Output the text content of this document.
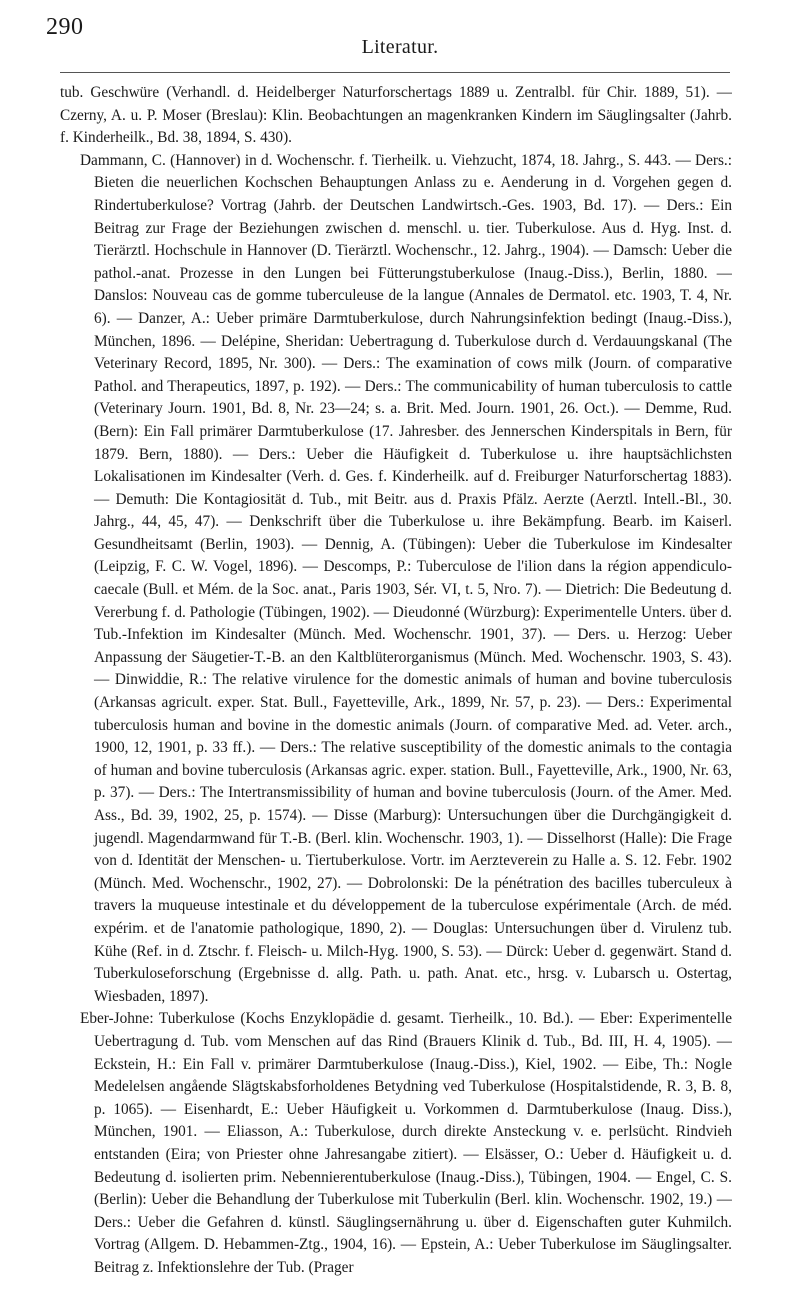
290
Literatur.

tub. Geschwüre (Verhandl. d. Heidelberger Naturforschertags 1889 u. Zentralbl. für Chir. 1889, 51). — Czerny, A. u. P. Moser (Breslau): Klin. Beobachtungen an magenkranken Kindern im Säuglingsalter (Jahrb. f. Kinderheilk., Bd. 38, 1894, S. 430).

Dammann, C. (Hannover) in d. Wochenschr. f. Tierheilk. u. Viehzucht, 1874, 18. Jahrg., S. 443. — Ders.: Bieten die neuerlichen Kochschen Behauptungen Anlass zu e. Aenderung in d. Vorgehen gegen d. Rindertuberkulose? Vortrag (Jahrb. der Deutschen Landwirtsch.-Ges. 1903, Bd. 17). — Ders.: Ein Beitrag zur Frage der Beziehungen zwischen d. menschl. u. tier. Tuberkulose. Aus d. Hyg. Inst. d. Tierärztl. Hochschule in Hannover (D. Tierärztl. Wochenschr., 12. Jahrg., 1904). — Damsch: Ueber die pathol.-anat. Prozesse in den Lungen bei Fütterungstuberkulose (Inaug.-Diss.), Berlin, 1880. — Danslos: Nouveau cas de gomme tuberculeuse de la langue (Annales de Dermatol. etc. 1903, T. 4, Nr. 6). — Danzer, A.: Ueber primäre Darmtuberkulose, durch Nahrungsinfektion bedingt (Inaug.-Diss.), München, 1896. — Delépine, Sheridan: Uebertragung d. Tuberkulose durch d. Verdauungskanal (The Veterinary Record, 1895, Nr. 300). — Ders.: The examination of cows milk (Journ. of comparative Pathol. and Therapeutics, 1897, p. 192). — Ders.: The communicability of human tuberculosis to cattle (Veterinary Journ. 1901, Bd. 8, Nr. 23—24; s. a. Brit. Med. Journ. 1901, 26. Oct.). — Demme, Rud. (Bern): Ein Fall primärer Darmtuberkulose (17. Jahresber. des Jennerschen Kinderspitals in Bern, für 1879. Bern, 1880). — Ders.: Ueber die Häufigkeit d. Tuberkulose u. ihre hauptsächlichsten Lokalisationen im Kindesalter (Verh. d. Ges. f. Kinderheilk. auf d. Freiburger Naturforschertag 1883). — Demuth: Die Kontagiosität d. Tub., mit Beitr. aus d. Praxis Pfälz. Aerzte (Aerztl. Intell.-Bl., 30. Jahrg., 44, 45, 47). — Denkschrift über die Tuberkulose u. ihre Bekämpfung. Bearb. im Kaiserl. Gesundheitsamt (Berlin, 1903). — Dennig, A. (Tübingen): Ueber die Tuberkulose im Kindesalter (Leipzig, F. C. W. Vogel, 1896). — Descomps, P.: Tuberculose de l'ilion dans la région appendiculo-caecale (Bull. et Mém. de la Soc. anat., Paris 1903, Sér. VI, t. 5, Nro. 7). — Dietrich: Die Bedeutung d. Vererbung f. d. Pathologie (Tübingen, 1902). — Dieudonné (Würzburg): Experimentelle Unters. über d. Tub.-Infektion im Kindesalter (Münch. Med. Wochenschr. 1901, 37). — Ders. u. Herzog: Ueber Anpassung der Säugetier-T.-B. an den Kaltblüterorganismus (Münch. Med. Wochenschr. 1903, S. 43). — Dinwiddie, R.: The relative virulence for the domestic animals of human and bovine tuberculosis (Arkansas agricult. exper. Stat. Bull., Fayetteville, Ark., 1899, Nr. 57, p. 23). — Ders.: Experimental tuberculosis human and bovine in the domestic animals (Journ. of comparative Med. ad. Veter. arch., 1900, 12, 1901, p. 33 ff.). — Ders.: The relative susceptibility of the domestic animals to the contagia of human and bovine tuberculosis (Arkansas agric. exper. station. Bull., Fayetteville, Ark., 1900, Nr. 63, p. 37). — Ders.: The Intertransmissibility of human and bovine tuberculosis (Journ. of the Amer. Med. Ass., Bd. 39, 1902, 25, p. 1574). — Disse (Marburg): Untersuchungen über die Durchgängigkeit d. jugendl. Magendarmwand für T.-B. (Berl. klin. Wochenschr. 1903, 1). — Disselhorst (Halle): Die Frage von d. Identität der Menschen- u. Tiertuberkulose. Vortr. im Aerzteverein zu Halle a. S. 12. Febr. 1902 (Münch. Med. Wochenschr., 1902, 27). — Dobrolonski: De la pénétration des bacilles tuberculeux à travers la muqueuse intestinale et du développement de la tuberculose expérimentale (Arch. de méd. expérim. et de l'anatomie pathologique, 1890, 2). — Douglas: Untersuchungen über d. Virulenz tub. Kühe (Ref. in d. Ztschr. f. Fleisch- u. Milch-Hyg. 1900, S. 53). — Dürck: Ueber d. gegenwärt. Stand d. Tuberkuloseforschung (Ergebnisse d. allg. Path. u. path. Anat. etc., hrsg. v. Lubarsch u. Ostertag, Wiesbaden, 1897).

Eber-Johne: Tuberkulose (Kochs Enzyklopädie d. gesamt. Tierheilk., 10. Bd.). — Eber: Experimentelle Uebertragung d. Tub. vom Menschen auf das Rind (Brauers Klinik d. Tub., Bd. III, H. 4, 1905). — Eckstein, H.: Ein Fall v. primärer Darmtuberkulose (Inaug.-Diss.), Kiel, 1902. — Eibe, Th.: Nogle Medelelsen angående Slägtskabsforholdenes Betydning ved Tuberkulose (Hospitalstidende, R. 3, B. 8, p. 1065). — Eisenhardt, E.: Ueber Häufigkeit u. Vorkommen d. Darmtuberkulose (Inaug. Diss.), München, 1901. — Eliasson, A.: Tuberkulose, durch direkte Ansteckung v. e. perlsücht. Rindvieh entstanden (Eira; von Priester ohne Jahresangabe zitiert). — Elsässer, O.: Ueber d. Häufigkeit u. d. Bedeutung d. isolierten prim. Nebennierentuberkulose (Inaug.-Diss.), Tübingen, 1904. — Engel, C. S. (Berlin): Ueber die Behandlung der Tuberkulose mit Tuberkulin (Berl. klin. Wochenschr. 1902, 19.) — Ders.: Ueber die Gefahren d. künstl. Säuglingsernährung u. über d. Eigenschaften guter Kuhmilch. Vortrag (Allgem. D. Hebammen-Ztg., 1904, 16). — Epstein, A.: Ueber Tuberkulose im Säuglingsalter. Beitrag z. Infektionslehre der Tub. (Prager
